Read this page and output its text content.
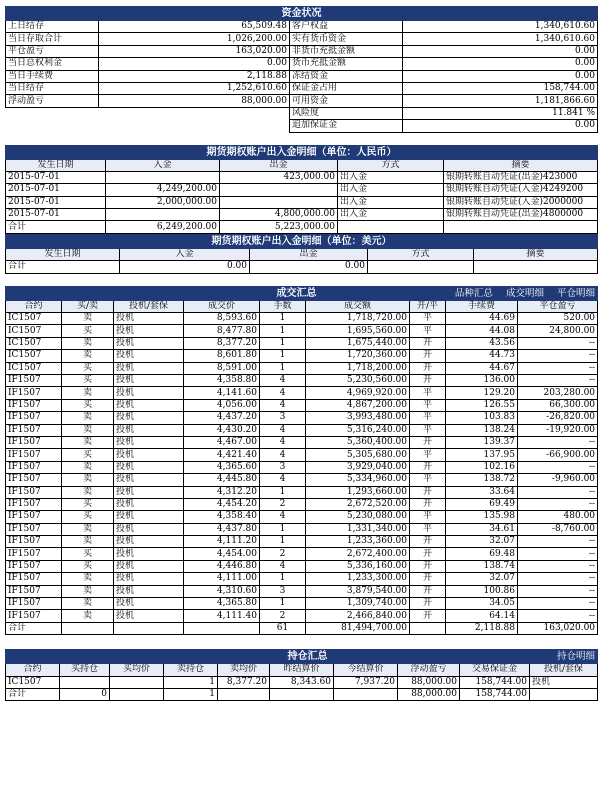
资金状况			
上日结存	65,509.48	客户权益	1,340,610.60
当日存取合计	1,026,200.00	实有货币资金	1,340,610.60
平仓盈亏	163,020.00	非货币充抵金额	0.00
当日总权利金	0.00	货币充抵金额	0.00
当日手续费	2,118.88	冻结资金	0.00
当日结存	1,252,610.60	保证金占用	158,744.00
浮动盈亏	88,000.00	可用资金	1,181,866.60
		风险度	11.841 %
		追加保证金	0.00
期货期权账户出入金明细（单位：人民币）				
发生日期	入金	出金	方式	摘要
2015-07-01		423,000.00	出入金	银期转账自动凭证(出金)423000
2015-07-01	4,249,200.00		出入金	银期转账自动凭证(入金)4249200
2015-07-01	2,000,000.00		出入金	银期转账自动凭证(入金)2000000
2015-07-01		4,800,000.00	出入金	银期转账自动凭证(出金)4800000
合计	6,249,200.00	5,223,000.00		
期货期权账户出入金明细（单位：美元）				
发生日期	入金	出金	方式	摘要
合计	0.00	0.00		
品种汇总 成交明细 平仓明细
成交汇总								
合约	买/卖	投机/套保	成交价	手数	成交额	开/平	手续费	平仓盈亏
IC1507	卖	投机	8,593.60	1	1,718,720.00	平	44.69	520.00
IC1507	买	投机	8,477.80	1	1,695,560.00	平	44.08	24,800.00
IC1507	卖	投机	8,377.20	1	1,675,440.00	开	43.56	--
IC1507	卖	投机	8,601.80	1	1,720,360.00	开	44.73	--
IC1507	买	投机	8,591.00	1	1,718,200.00	开	44.67	--
IF1507	买	投机	4,358.80	4	5,230,560.00	开	136.00	--
IF1507	卖	投机	4,141.60	4	4,969,920.00	平	129.20	203,280.00
IF1507	买	投机	4,056.00	4	4,867,200.00	平	126.55	66,300.00
IF1507	卖	投机	4,437.20	3	3,993,480.00	平	103.83	-26,820.00
IF1507	卖	投机	4,430.20	4	5,316,240.00	平	138.24	-19,920.00
IF1507	卖	投机	4,467.00	4	5,360,400.00	开	139.37	--
IF1507	买	投机	4,421.40	4	5,305,680.00	平	137.95	-66,900.00
IF1507	卖	投机	4,365.60	3	3,929,040.00	开	102.16	--
IF1507	卖	投机	4,445.80	4	5,334,960.00	平	138.72	-9,960.00
IF1507	卖	投机	4,312.20	1	1,293,660.00	开	33.64	--
IF1507	买	投机	4,454.20	2	2,672,520.00	开	69.49	--
IF1507	买	投机	4,358.40	4	5,230,080.00	平	135.98	480.00
IF1507	卖	投机	4,437.80	1	1,331,340.00	平	34.61	-8,760.00
IF1507	卖	投机	4,111.20	1	1,233,360.00	开	32.07	--
IF1507	买	投机	4,454.00	2	2,672,400.00	开	69.48	--
IF1507	买	投机	4,446.80	4	5,336,160.00	开	138.74	--
IF1507	卖	投机	4,111.00	1	1,233,300.00	开	32.07	--
IF1507	卖	投机	4,310.60	3	3,879,540.00	开	100.86	--
IF1507	卖	投机	4,365.80	1	1,309,740.00	开	34.05	--
IF1507	卖	投机	4,111.40	2	2,466,840.00	开	64.14	--
合计				61	81,494,700.00		2,118.88	163,020.00
持仓明细
持仓汇总									
合约	买持仓	买均价	卖持仓	卖均价	昨结算价	今结算价	浮动盈亏	交易保证金	投机/套保
IC1507			1	8,377.20	8,343.60	7,937.20	88,000.00	158,744.00	投机
合计	0		1				88,000.00	158,744.00	
